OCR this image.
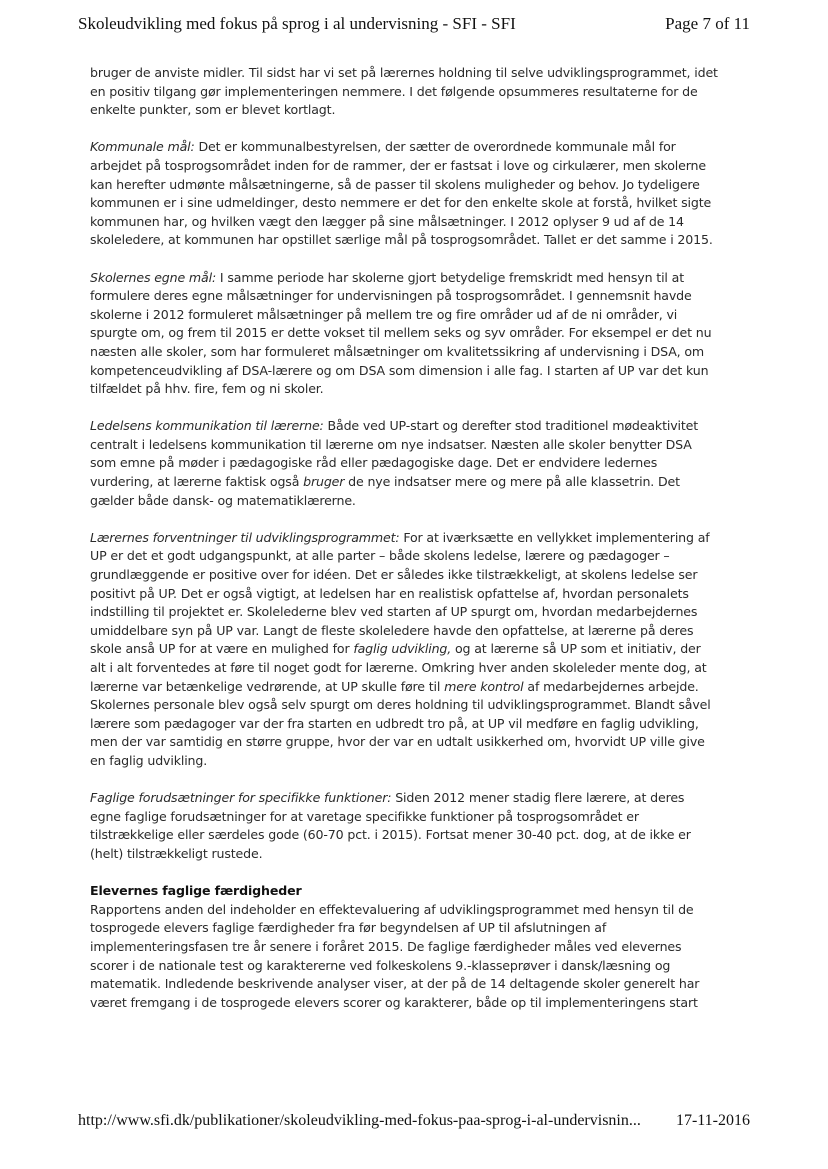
Skoleudvikling med fokus på sprog i al undervisning - SFI - SFI	Page 7 of 11

bruger de anviste midler. Til sidst har vi set på lærernes holdning til selve udviklingsprogrammet, idet en positiv tilgang gør implementeringen nemmere. I det følgende opsummeres resultaterne for de enkelte punkter, som er blevet kortlagt.

Kommunale mål: Det er kommunalbestyrelsen, der sætter de overordnede kommunale mål for arbejdet på tosprogsområdet inden for de rammer, der er fastsat i love og cirkulærer, men skolerne kan herefter udmønte målsætningerne, så de passer til skolens muligheder og behov. Jo tydeligere kommunen er i sine udmeldinger, desto nemmere er det for den enkelte skole at forstå, hvilket sigte kommunen har, og hvilken vægt den lægger på sine målsætninger. I 2012 oplyser 9 ud af de 14 skoleledere, at kommunen har opstillet særlige mål på tosprogsområdet. Tallet er det samme i 2015.

Skolernes egne mål: I samme periode har skolerne gjort betydelige fremskridt med hensyn til at formulere deres egne målsætninger for undervisningen på tosprogsområdet. I gennemsnit havde skolerne i 2012 formuleret målsætninger på mellem tre og fire områder ud af de ni områder, vi spurgte om, og frem til 2015 er dette vokset til mellem seks og syv områder. For eksempel er det nu næsten alle skoler, som har formuleret målsætninger om kvalitetssikring af undervisning i DSA, om kompetenceudvikling af DSA-lærere og om DSA som dimension i alle fag. I starten af UP var det kun tilfældet på hhv. fire, fem og ni skoler.

Ledelsens kommunikation til lærerne: Både ved UP-start og derefter stod traditionel mødeaktivitet centralt i ledelsens kommunikation til lærerne om nye indsatser. Næsten alle skoler benytter DSA som emne på møder i pædagogiske råd eller pædagogiske dage. Det er endvidere ledernes vurdering, at lærerne faktisk også bruger de nye indsatser mere og mere på alle klassetrin. Det gælder både dansk- og matematiklærerne.

Lærernes forventninger til udviklingsprogrammet: For at iværksætte en vellykket implementering af UP er det et godt udgangspunkt, at alle parter – både skolens ledelse, lærere og pædagoger – grundlæggende er positive over for idéen. Det er således ikke tilstrækkeligt, at skolens ledelse ser positivt på UP. Det er også vigtigt, at ledelsen har en realistisk opfattelse af, hvordan personalets indstilling til projektet er. Skolelederne blev ved starten af UP spurgt om, hvordan medarbejdernes umiddelbare syn på UP var. Langt de fleste skoleledere havde den opfattelse, at lærerne på deres skole anså UP for at være en mulighed for faglig udvikling, og at lærerne så UP som et initiativ, der alt i alt forventedes at føre til noget godt for lærerne. Omkring hver anden skoleleder mente dog, at lærerne var betænkelige vedrørende, at UP skulle føre til mere kontrol af medarbejdernes arbejde. Skolernes personale blev også selv spurgt om deres holdning til udviklingsprogrammet. Blandt såvel lærere som pædagoger var der fra starten en udbredt tro på, at UP vil medføre en faglig udvikling, men der var samtidig en større gruppe, hvor der var en udtalt usikkerhed om, hvorvidt UP ville give en faglig udvikling.

Faglige forudsætninger for specifikke funktioner: Siden 2012 mener stadig flere lærere, at deres egne faglige forudsætninger for at varetage specifikke funktioner på tosprogsområdet er tilstrækkelige eller særdeles gode (60-70 pct. i 2015). Fortsat mener 30-40 pct. dog, at de ikke er (helt) tilstrækkeligt rustede.

Elevernes faglige færdigheder

Rapportens anden del indeholder en effektevaluering af udviklingsprogrammet med hensyn til de tosprogede elevers faglige færdigheder fra før begyndelsen af UP til afslutningen af implementeringsfasen tre år senere i foråret 2015. De faglige færdigheder måles ved elevernes scorer i de nationale test og karaktererne ved folkeskolens 9.-klasseprøver i dansk/læsning og matematik. Indledende beskrivende analyser viser, at der på de 14 deltagende skoler generelt har været fremgang i de tosprogede elevers scorer og karakterer, både op til implementeringens start

http://www.sfi.dk/publikationer/skoleudvikling-med-fokus-paa-sprog-i-al-undervisnin... 17-11-2016
